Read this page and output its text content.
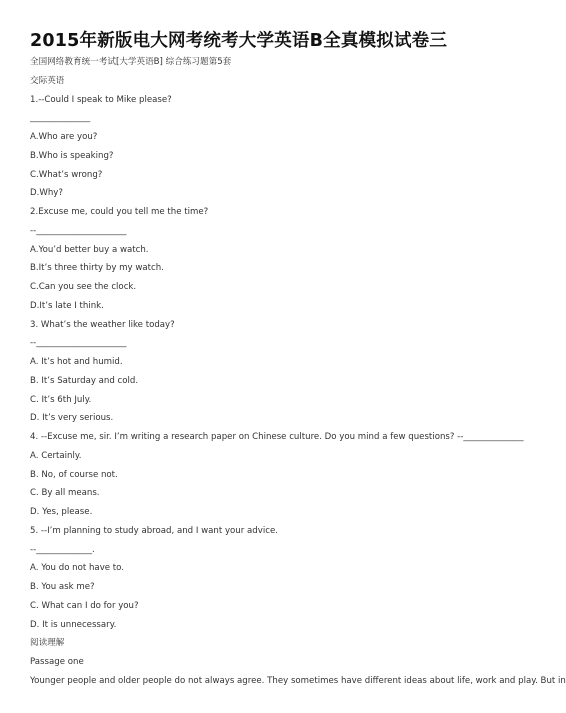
2015年新版电大网考统考大学英语B全真模拟试卷三
全国网络教育统一考试[大学英语B] 综合练习题第5套
交际英语
1.--Could I speak to Mike please?
______________
A.Who are you?
B.Who is speaking?
C.What’s wrong?
D.Why?
2.Excuse me, could you tell me the time?
--_____________________
A.You’d better buy a watch.
B.It’s three thirty by my watch.
C.Can you see the clock.
D.It’s late I think.
3. What’s the weather like today?
--_____________________
A. It’s hot and humid.
B. It’s Saturday and cold.
C. It’s 6th July.
D. It’s very serious.
4. --Excuse me, sir. I’m writing a research paper on Chinese culture. Do you mind a few questions? --______________
A. Certainly.
B. No, of course not.
C. By all means.
D. Yes, please.
5. --I’m planning to study abroad, and I want your advice.
--_____________.
A. You do not have to.
B. You ask me?
C. What can I do for you?
D. It is unnecessary.
阅读理解
Passage one
Younger people and older people do not always agree. They sometimes have different ideas about life, work and play. But in
